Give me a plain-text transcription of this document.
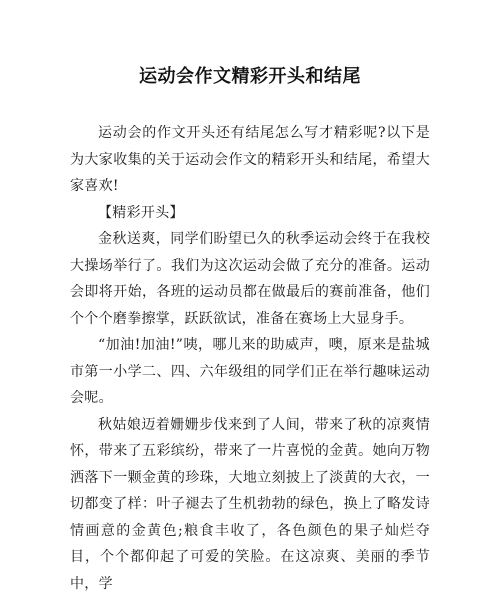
运动会作文精彩开头和结尾

运动会的作文开头还有结尾怎么写才精彩呢?以下是为大家收集的关于运动会作文的精彩开头和结尾，希望大家喜欢!

【精彩开头】

金秋送爽，同学们盼望已久的秋季运动会终于在我校大操场举行了。我们为这次运动会做了充分的准备。运动会即将开始，各班的运动员都在做最后的赛前准备，他们个个个磨拳擦掌，跃跃欲试，准备在赛场上大显身手。

“加油!加油!”咦，哪儿来的助威声，噢，原来是盐城市第一小学二、四、六年级组的同学们正在举行趣味运动会呢。

秋姑娘迈着姗姗步伐来到了人间，带来了秋的凉爽情怀，带来了五彩缤纷，带来了一片喜悦的金黄。她向万物洒落下一颗金黄的珍珠，大地立刻披上了淡黄的大衣，一切都变了样：叶子褪去了生机勃勃的绿色，换上了略发诗情画意的金黄色;粮食丰收了，各色颜色的果子灿烂夺目，个个都仰起了可爱的笑脸。在这凉爽、美丽的季节中，学
